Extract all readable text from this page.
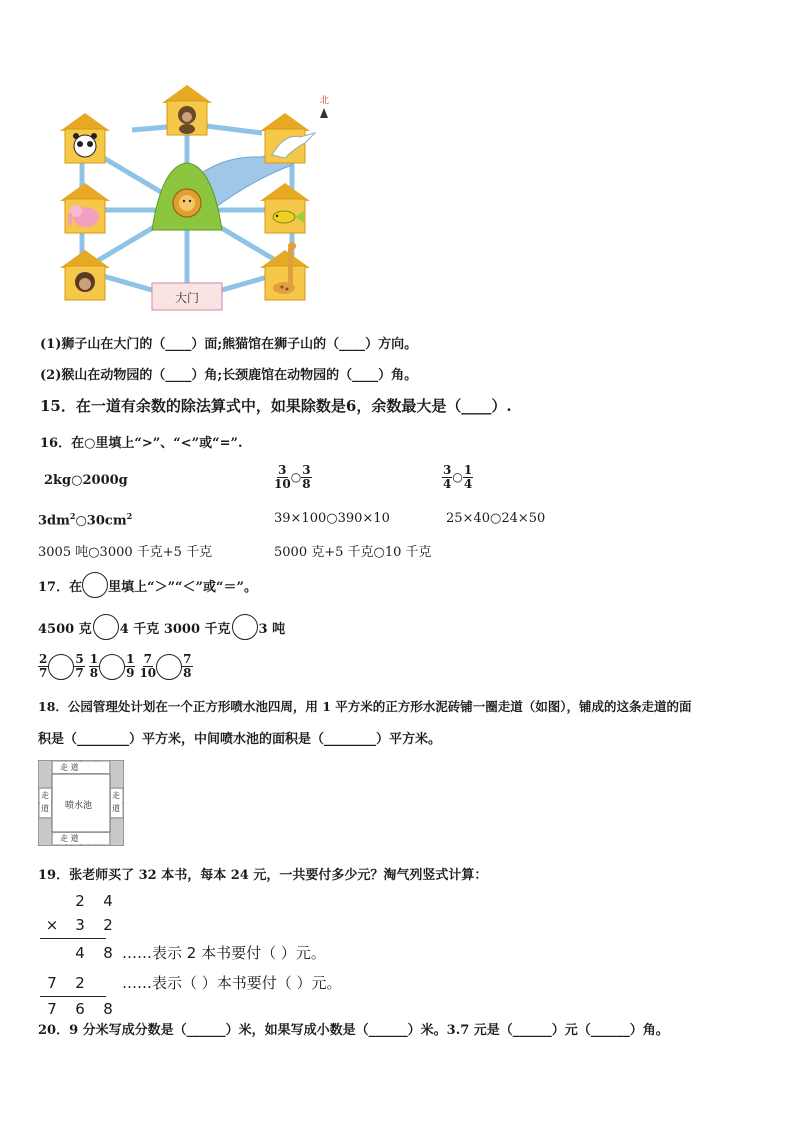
大门
北
(1)狮子山在大门的（____）面;熊猫馆在狮子山的（____）方向。
(2)猴山在动物园的（____）角;长颈鹿馆在动物园的（____）角。
15．在一道有余数的除法算式中，如果除数是6，余数最大是（____）.
16．在○里填上“>”、“<”或“=”.
2kg○2000g	$\frac{3}{10}$ ○ $\frac{3}{8}$	$\frac{3}{4}$ ○ $\frac{1}{4}$
$3dm^2○30cm^2$	39×100○390×10	25×40○24×50
3005 吨○3000 千克+5 千克	5000 克+5 千克○10 千克
17．在 里填上“＞”“＜”或“＝”。
4500 克 4 千克 3000 千克 3 吨
$\frac{2}{7} \frac{5}{7} \frac{1}{8} \frac{1}{9} \frac{7}{10} \frac{7}{8}$
18．公园管理处计划在一个正方形喷水池四周，用 1 平方米的正方形水泥砖铺一圈走道（如图），铺成的这条走道的面
积是（________）平方米，中间喷水池的面积是（________）平方米。
走 道
走 道
走道
走道
喷水池
19．张老师买了 32 本书，每本 24 元，一共要付多少元？淘气列竖式计算：
2 4
× 3 2
4 8 ……表示 2 本书要付（ ）元。
7 2 ……表示（ ）本书要付（ ）元。
7 6 8
20．9 分米写成分数是（______）米，如果写成小数是（______）米。3.7 元是（______）元（______）角。
